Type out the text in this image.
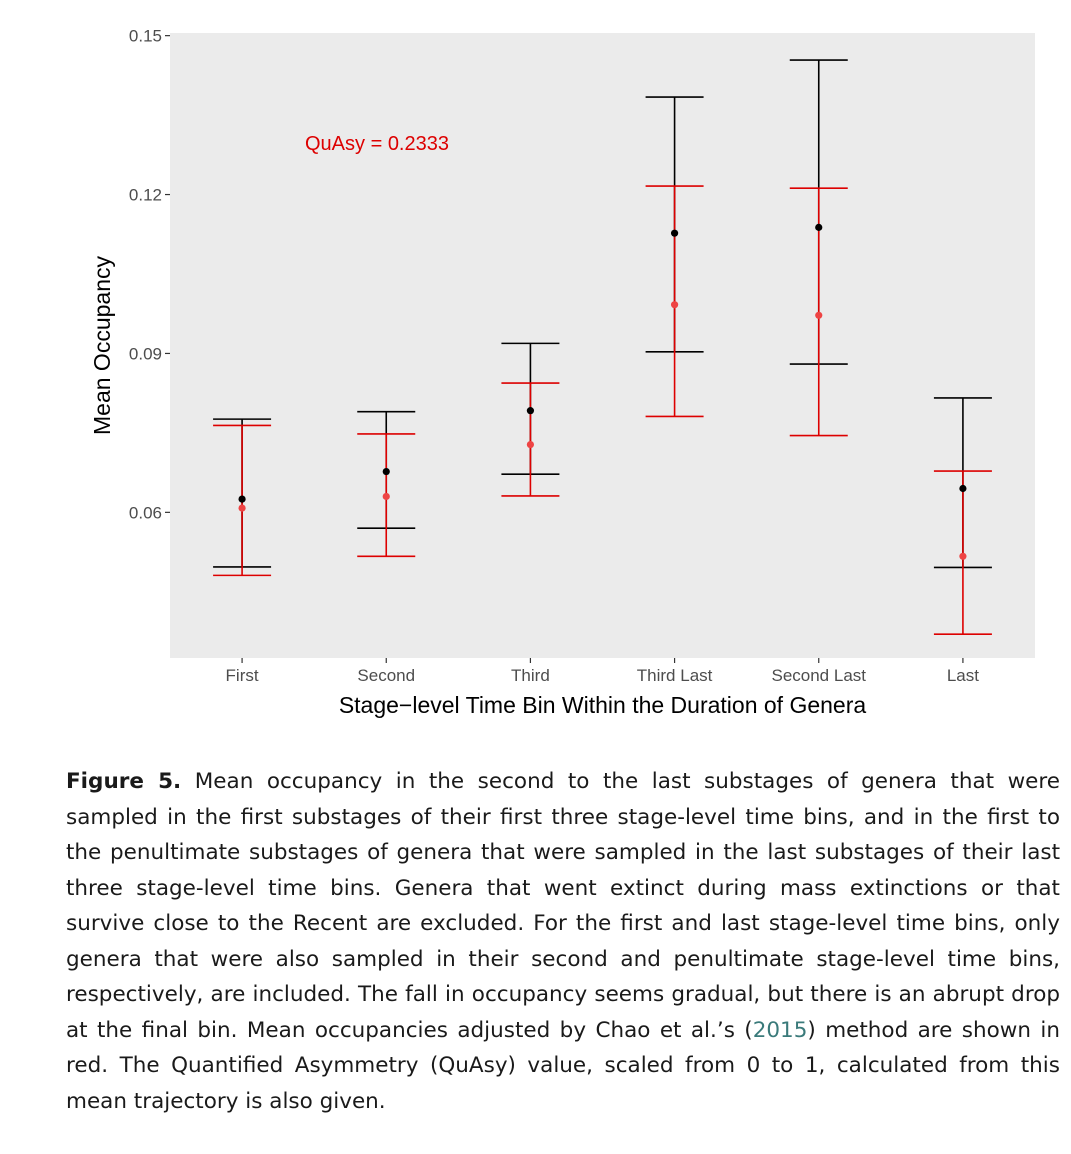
0.06
0.09
0.12
0.15
First	Second	Third	Third Last	Second Last	Last
QuAsy = 0.2333
Stage−level Time Bin Within the Duration of Genera
Mean Occupancy

Figure 5. Mean occupancy in the second to the last substages of genera that were sampled in the first substages of their first three stage-level time bins, and in the first to the penultimate substages of genera that were sampled in the last substages of their last three stage-level time bins. Genera that went extinct during mass extinctions or that survive close to the Recent are excluded. For the first and last stage-level time bins, only genera that were also sampled in their second and penultimate stage-level time bins, respectively, are included. The fall in occupancy seems gradual, but there is an abrupt drop at the final bin. Mean occupancies adjusted by Chao et al.’s (2015) method are shown in red. The Quantified Asymmetry (QuAsy) value, scaled from 0 to 1, calculated from this mean trajectory is also given.
